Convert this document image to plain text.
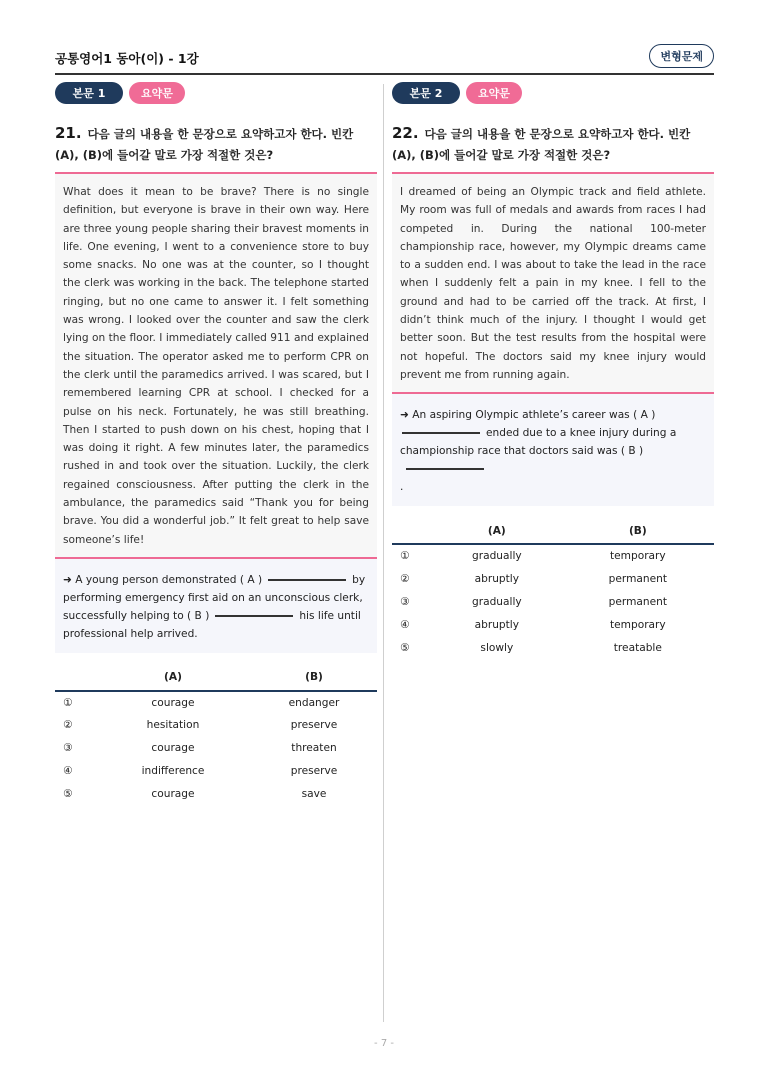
공통영어1 동아(이) - 1강	변형문제
본문 1	요약문
21. 다음 글의 내용을 한 문장으로 요약하고자 한다. 빈칸 (A), (B)에 들어갈 말로 가장 적절한 것은?
What does it mean to be brave? There is no single definition, but everyone is brave in their own way. Here are three young people sharing their bravest moments in life. One evening, I went to a convenience store to buy some snacks. No one was at the counter, so I thought the clerk was working in the back. The telephone started ringing, but no one came to answer it. I felt something was wrong. I looked over the counter and saw the clerk lying on the floor. I immediately called 911 and explained the situation. The operator asked me to perform CPR on the clerk until the paramedics arrived. I was scared, but I remembered learning CPR at school. I checked for a pulse on his neck. Fortunately, he was still breathing. Then I started to push down on his chest, hoping that I was doing it right. A few minutes later, the paramedics rushed in and took over the situation. Luckily, the clerk regained consciousness. After putting the clerk in the ambulance, the paramedics said “Thank you for being brave. You did a wonderful job.” It felt great to help save someone’s life!
➜ A young person demonstrated ( A )	by performing emergency first aid on an unconscious clerk, successfully helping to ( B )	his life until professional help arrived.
	(A)	(B)
①	courage	endanger
②	hesitation	preserve
③	courage	threaten
④	indifference	preserve
⑤	courage	save
본문 2	요약문
22. 다음 글의 내용을 한 문장으로 요약하고자 한다. 빈칸 (A), (B)에 들어갈 말로 가장 적절한 것은?
I dreamed of being an Olympic track and field athlete. My room was full of medals and awards from races I had competed in. During the national 100-meter championship race, however, my Olympic dreams came to a sudden end. I was about to take the lead in the race when I suddenly felt a pain in my knee. I fell to the ground and had to be carried off the track. At first, I didn’t think much of the injury. I thought I would get better soon. But the test results from the hospital were not hopeful. The doctors said my knee injury would prevent me from running again.
➜ An aspiring Olympic athlete’s career was ( A )
ended due to a knee injury during a championship race that doctors said was ( B )
.
	(A)	(B)
①	gradually	temporary
②	abruptly	permanent
③	gradually	permanent
④	abruptly	temporary
⑤	slowly	treatable
- 7 -
